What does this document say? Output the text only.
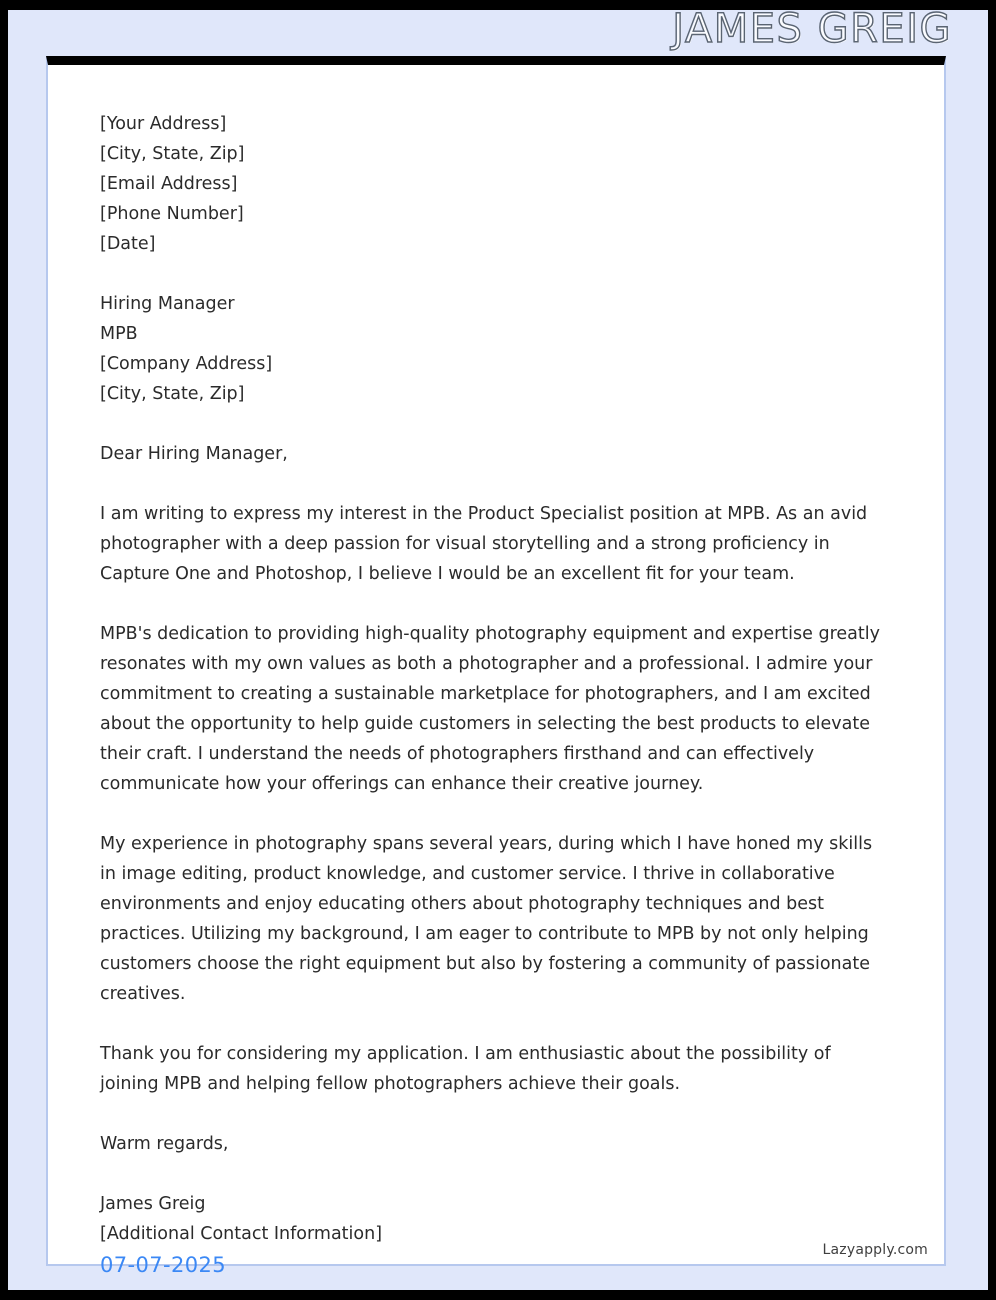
JAMES GREIG
[Your Address]
[City, State, Zip]
[Email Address]
[Phone Number]
[Date]
Hiring Manager
MPB
[Company Address]
[City, State, Zip]

Dear Hiring Manager,

I am writing to express my interest in the Product Specialist position at MPB. As an avid photographer with a deep passion for visual storytelling and a strong proficiency in Capture One and Photoshop, I believe I would be an excellent fit for your team.

MPB's dedication to providing high-quality photography equipment and expertise greatly resonates with my own values as both a photographer and a professional. I admire your commitment to creating a sustainable marketplace for photographers, and I am excited about the opportunity to help guide customers in selecting the best products to elevate their craft. I understand the needs of photographers firsthand and can effectively communicate how your offerings can enhance their creative journey.

My experience in photography spans several years, during which I have honed my skills in image editing, product knowledge, and customer service. I thrive in collaborative environments and enjoy educating others about photography techniques and best practices. Utilizing my background, I am eager to contribute to MPB by not only helping customers choose the right equipment but also by fostering a community of passionate creatives.

Thank you for considering my application. I am enthusiastic about the possibility of joining MPB and helping fellow photographers achieve their goals.

Warm regards,

James Greig
[Additional Contact Information]
Lazyapply.com
07-07-2025
